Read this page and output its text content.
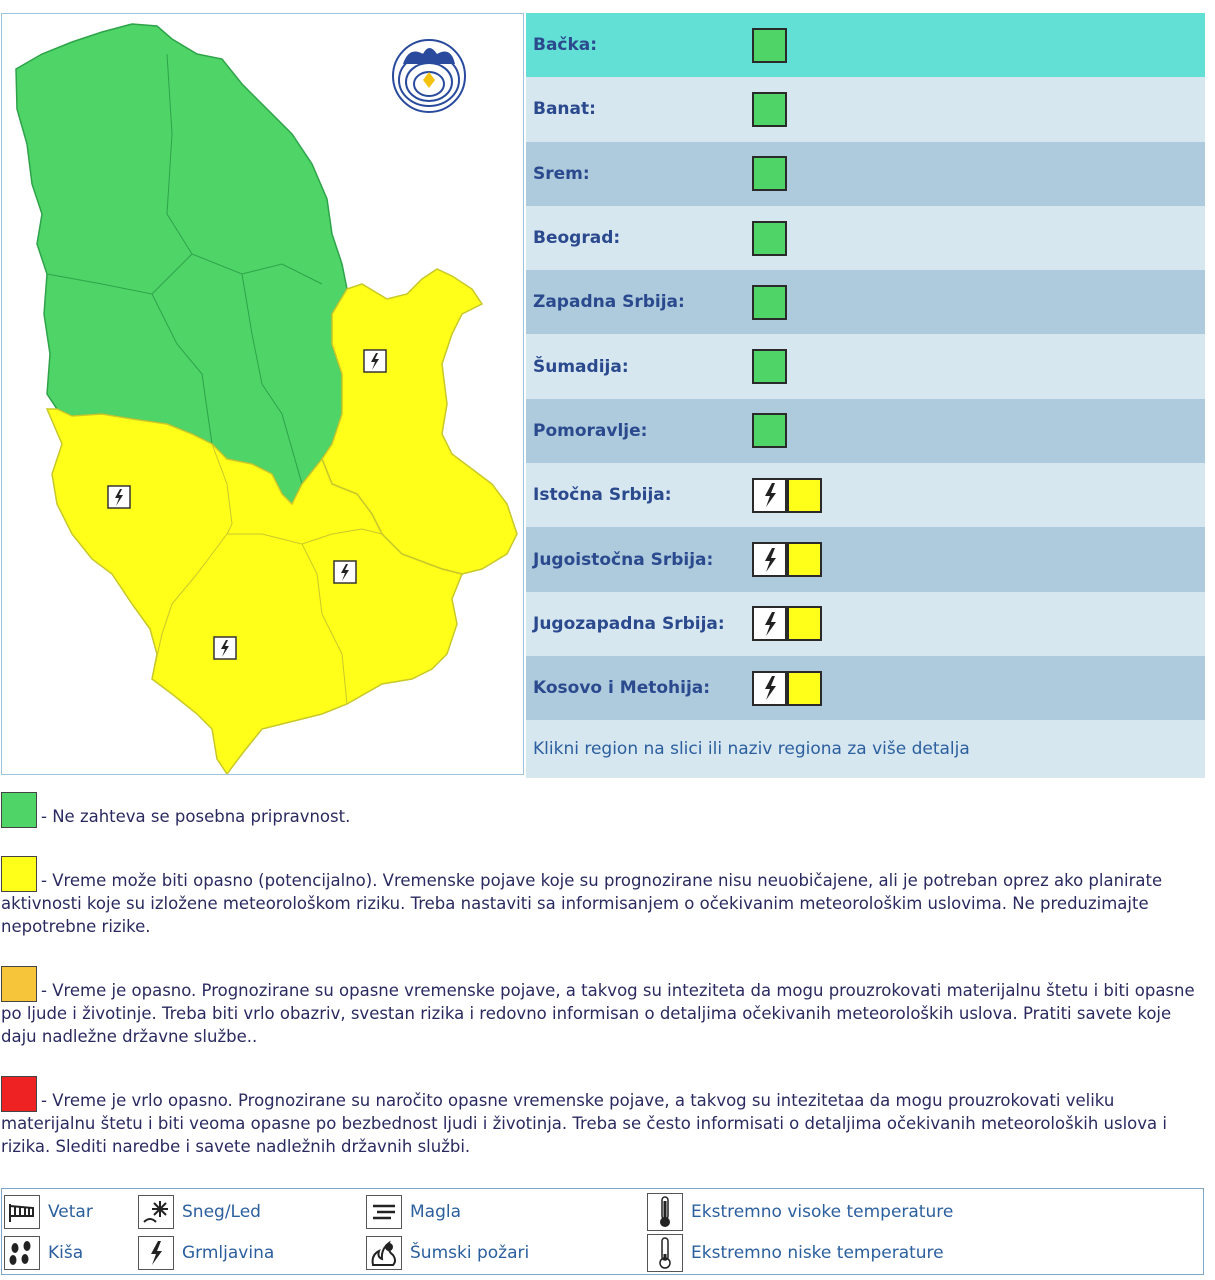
Bačka:
Banat:
Srem:
Beograd:
Zapadna Srbija:
Šumadija:
Pomoravlje:
Istočna Srbija:
Jugoistočna Srbija:
Jugozapadna Srbija:
Kosovo i Metohija:
Klikni region na slici ili naziv regiona za više detalja
- Ne zahteva se posebna pripravnost.
- Vreme može biti opasno (potencijalno). Vremenske pojave koje su prognozirane nisu neuobičajene, ali je potreban oprez ako planirate aktivnosti koje su izložene meteorološkom riziku. Treba nastaviti sa informisanjem o očekivanim meteorološkim uslovima. Ne preduzimajte nepotrebne rizike.
- Vreme je opasno. Prognozirane su opasne vremenske pojave, a takvog su inteziteta da mogu prouzrokovati materijalnu štetu i biti opasne po ljude i životinje. Treba biti vrlo obazriv, svestan rizika i redovno informisan o detaljima očekivanih meteoroloških uslova. Pratiti savete koje daju nadležne državne službe..
- Vreme je vrlo opasno. Prognozirane su naročito opasne vremenske pojave, a takvog su intezitetaa da mogu prouzrokovati veliku materijalnu štetu i biti veoma opasne po bezbednost ljudi i životinja. Treba se često informisati o detaljima očekivanih meteoroloških uslova i rizika. Slediti naredbe i savete nadležnih državnih službi.
Vetar	Sneg/Led	Magla	Ekstremno visoke temperature
Kiša	Grmljavina	Šumski požari	Ekstremno niske temperature
